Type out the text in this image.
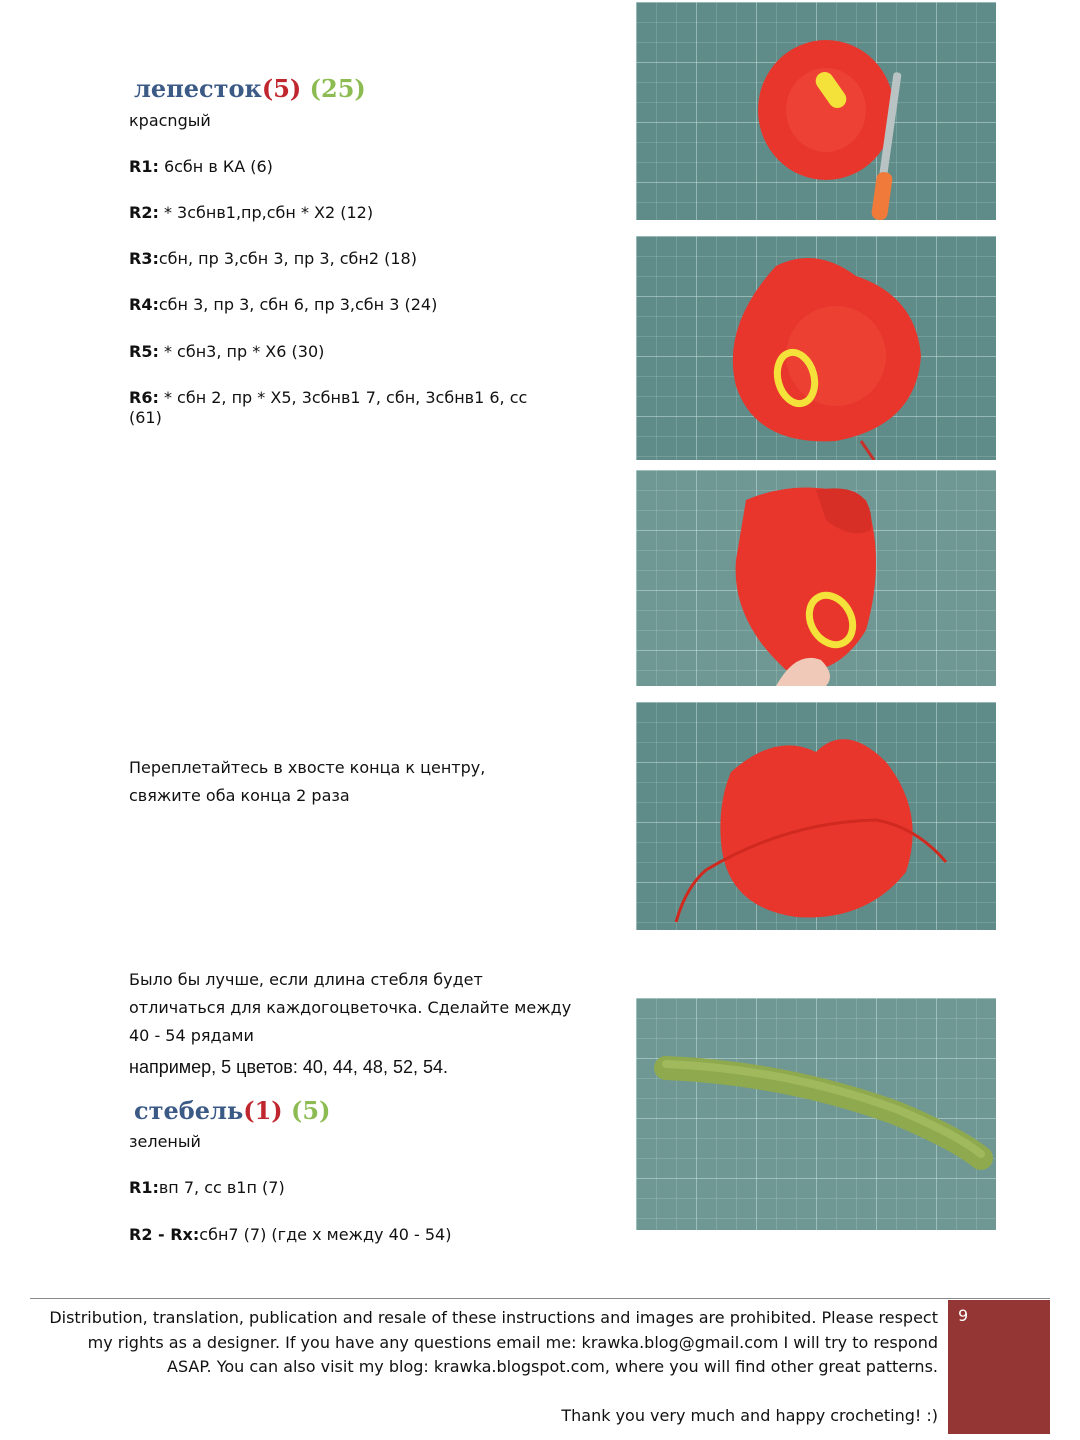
лепесток(5) (25)
красngый
R1: 6сбн в КА (6)
R2: * 3сбнв1,пр,сбн * X2 (12)
R3:сбн, пр 3,сбн 3, пр 3, сбн2 (18)
R4:сбн 3, пр 3, сбн 6, пр 3,сбн 3 (24)
R5: * сбн3, пр * X6 (30)
R6: * сбн 2, пр * X5, 3сбнв1 7, сбн, 3сбнв1 6, сс (61)
Переплетайтесь в хвосте конца к центру,
свяжите оба конца 2 раза
Было бы лучше, если длина стебля будет
отличаться для каждогоцветочка. Сделайте между
40 - 54 рядами
например, 5 цветов: 40, 44, 48, 52, 54.
стебель(1) (5)
зеленый
R1:вп 7, сс в1п (7)
R2 - Rx:сбн7 (7) (где x между 40 - 54)
Distribution, translation, publication and resale of these instructions and images are prohibited. Please respect
my rights as a designer. If you have any questions email me: krawka.blog@gmail.com I will try to respond
ASAP. You can also visit my blog: krawka.blogspot.com, where you will find other great patterns.
Thank you very much and happy crocheting! :)
9
